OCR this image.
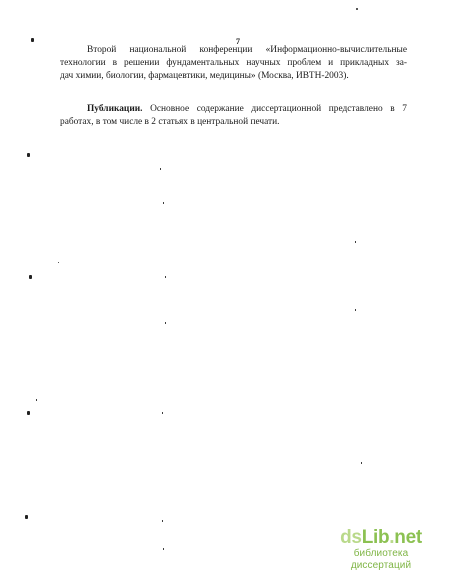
7

Второй национальной конференции «Информационно-вычислительные
технологии в решении фундаментальных научных проблем и прикладных за-
дач химии, биологии, фармацевтики, медицины» (Москва, ИВТН-2003).

Публикации. Основное содержание диссертационной представлено в 7
работах, в том числе в 2 статьях в центральной печати.

dsLib.net
библиотека диссертаций
